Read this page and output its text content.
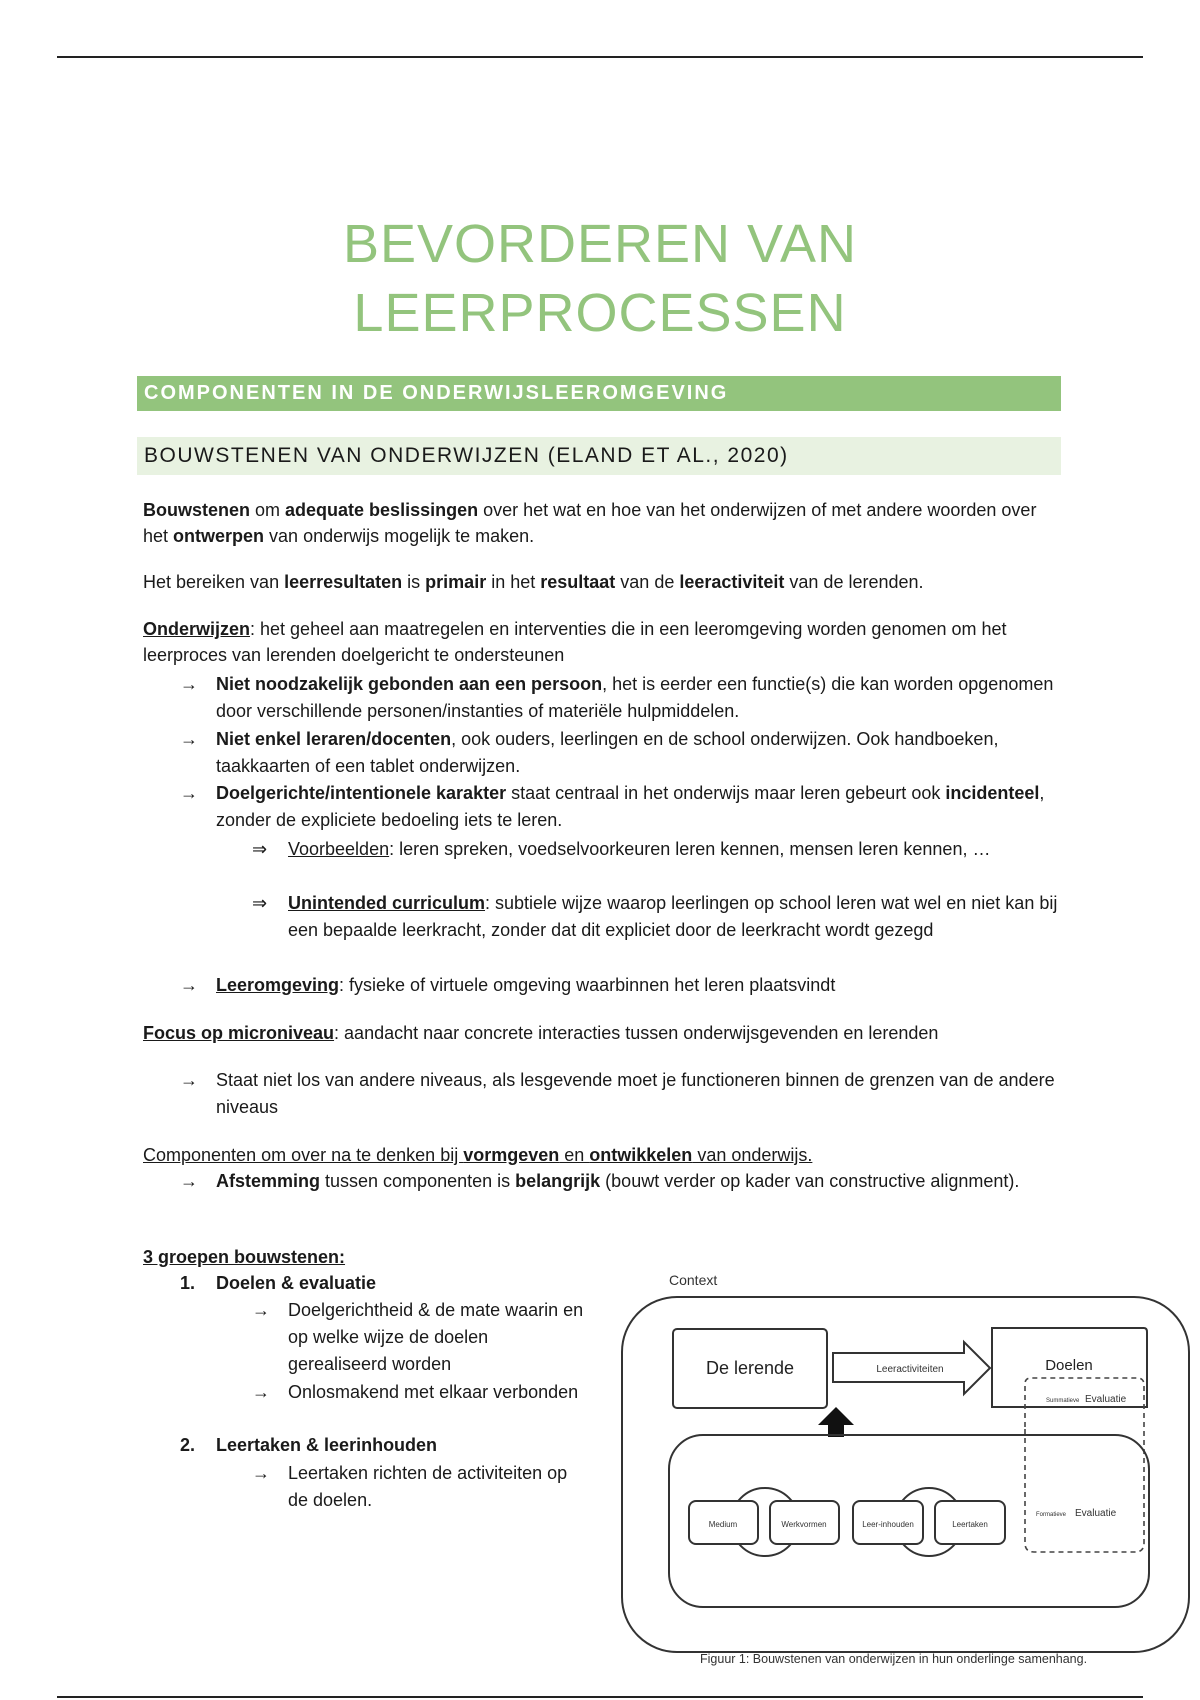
BEVORDEREN VAN
LEERPROCESSEN
COMPONENTEN IN DE ONDERWIJSLEEROMGEVING
BOUWSTENEN VAN ONDERWIJZEN (ELAND ET AL., 2020)

Bouwstenen om adequate beslissingen over het wat en hoe van het onderwijzen of met andere woorden over het ontwerpen van onderwijs mogelijk te maken.

Het bereiken van leerresultaten is primair in het resultaat van de leeractiviteit van de lerenden.

Onderwijzen: het geheel aan maatregelen en interventies die in een leeromgeving worden genomen om het leerproces van lerenden doelgericht te ondersteunen

→	Niet noodzakelijk gebonden aan een persoon, het is eerder een functie(s) die kan worden opgenomen door verschillende personen/instanties of materiële hulpmiddelen.
→	Niet enkel leraren/docenten, ook ouders, leerlingen en de school onderwijzen. Ook handboeken, taakkaarten of een tablet onderwijzen.
→	Doelgerichte/intentionele karakter staat centraal in het onderwijs maar leren gebeurt ook incidenteel, zonder de expliciete bedoeling iets te leren.
⇒	Voorbeelden: leren spreken, voedselvoorkeuren leren kennen, mensen leren kennen, …
⇒	Unintended curriculum: subtiele wijze waarop leerlingen op school leren wat wel en niet kan bij een bepaalde leerkracht, zonder dat dit expliciet door de leerkracht wordt gezegd
→	Leeromgeving: fysieke of virtuele omgeving waarbinnen het leren plaatsvindt

Focus op microniveau: aandacht naar concrete interacties tussen onderwijsgevenden en lerenden

→	Staat niet los van andere niveaus, als lesgevende moet je functioneren binnen de grenzen van de andere niveaus

Componenten om over na te denken bij vormgeven en ontwikkelen van onderwijs.

→	Afstemming tussen componenten is belangrijk (bouwt verder op kader van constructive alignment).

3 groepen bouwstenen:

1.	Doelen & evaluatie
→	Doelgerichtheid & de mate waarin en op welke wijze de doelen gerealiseerd worden
→	Onlosmakend met elkaar verbonden
2.	Leertaken & leerinhouden
→	Leertaken richten de activiteiten op de doelen.
Context
De lerende	Leeractiviteiten	Doelen
Summatieve Evaluatie
Formatieve Evaluatie
Medium	Werkvormen	Leer-inhouden	Leertaken
Figuur 1: Bouwstenen van onderwijzen in hun onderlinge samenhang.
